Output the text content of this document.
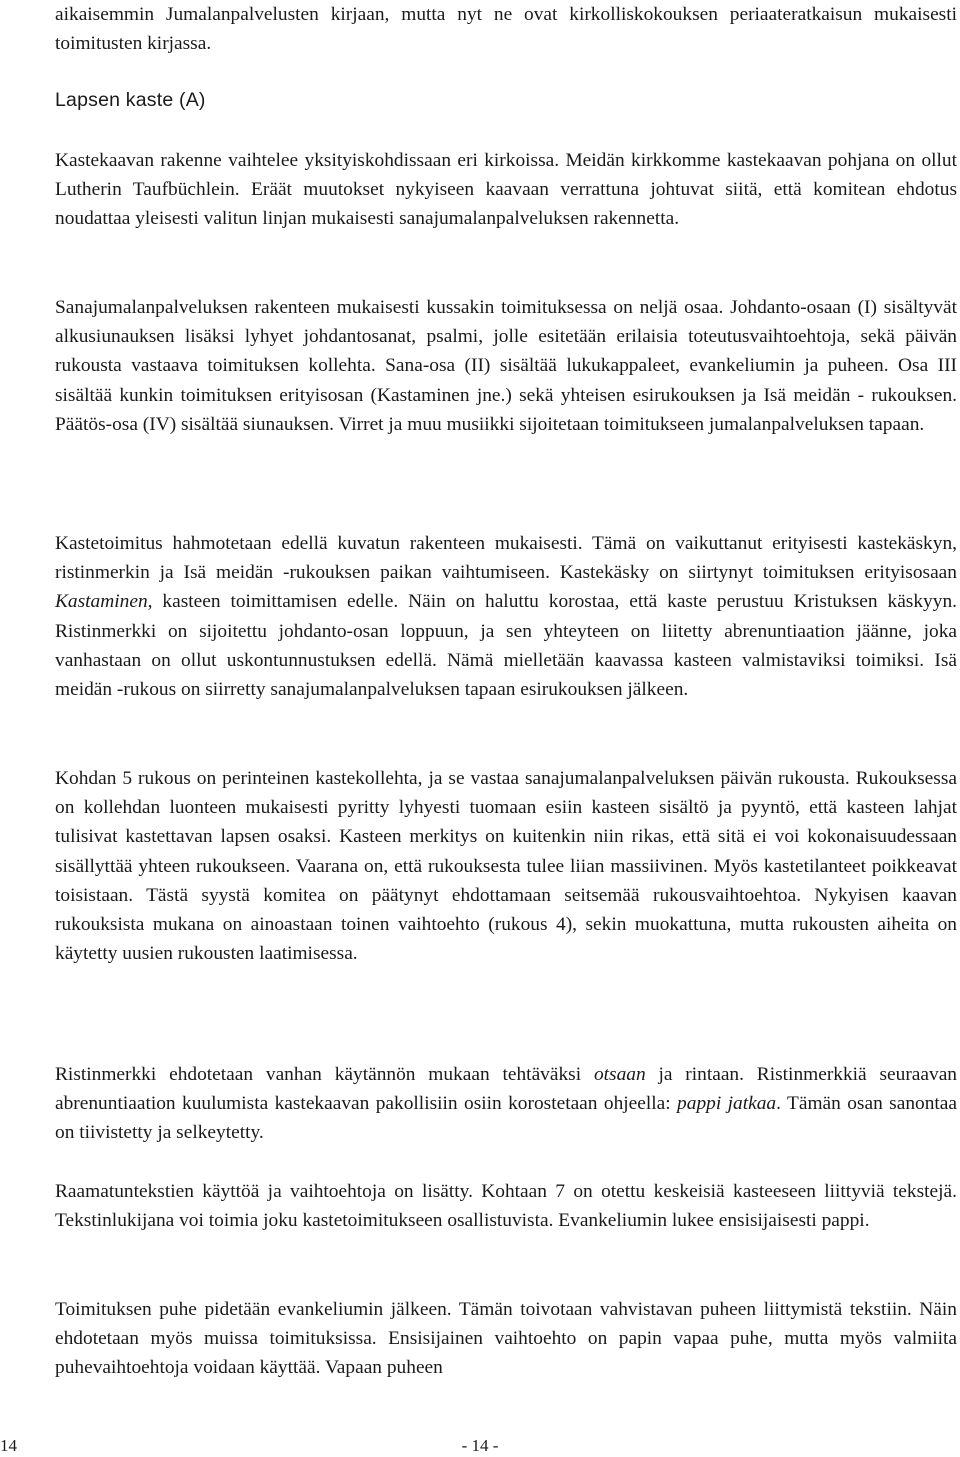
aikaisemmin Jumalanpalvelusten kirjaan, mutta nyt ne ovat kirkolliskokouksen periaateratkaisun mukaisesti toimitusten kirjassa.

Lapsen kaste (A)

Kastekaavan rakenne vaihtelee yksityiskohdissaan eri kirkoissa. Meidän kirkkomme kastekaavan pohjana on ollut Lutherin Taufbüchlein. Eräät muutokset nykyiseen kaavaan verrattuna johtuvat siitä, että komitean ehdotus noudattaa yleisesti valitun linjan mukaisesti sanajumalanpalveluksen rakennetta.

Sanajumalanpalveluksen rakenteen mukaisesti kussakin toimituksessa on neljä osaa. Johdanto-osaan (I) sisältyvät alkusiunauksen lisäksi lyhyet johdantosanat, psalmi, jolle esitetään erilaisia toteutusvaihtoehtoja, sekä päivän rukousta vastaava toimituksen kollehta. Sana-osa (II) sisältää lukukappaleet, evankeliumin ja puheen. Osa III sisältää kunkin toimituksen erityisosan (Kastaminen jne.) sekä yhteisen esirukouksen ja Isä meidän - rukouksen. Päätös-osa (IV) sisältää siunauksen. Virret ja muu musiikki sijoitetaan toimitukseen jumalanpalveluksen tapaan.

Kastetoimitus hahmotetaan edellä kuvatun rakenteen mukaisesti. Tämä on vaikuttanut erityisesti kastekäskyn, ristinmerkin ja Isä meidän -rukouksen paikan vaihtumiseen. Kastekäsky on siirtynyt toimituksen erityisosaan Kastaminen, kasteen toimittamisen edelle. Näin on haluttu korostaa, että kaste perustuu Kristuksen käskyyn. Ristinmerkki on sijoitettu johdanto-osan loppuun, ja sen yhteyteen on liitetty abrenuntiaation jäänne, joka vanhastaan on ollut uskontunnustuksen edellä. Nämä mielletään kaavassa kasteen valmistaviksi toimiksi. Isä meidän -rukous on siirretty sanajumalanpalveluksen tapaan esirukouksen jälkeen.

Kohdan 5 rukous on perinteinen kastekollehta, ja se vastaa sanajumalanpalveluksen päivän rukousta. Rukouksessa on kollehdan luonteen mukaisesti pyritty lyhyesti tuomaan esiin kasteen sisältö ja pyyntö, että kasteen lahjat tulisivat kastettavan lapsen osaksi. Kasteen merkitys on kuitenkin niin rikas, että sitä ei voi kokonaisuudessaan sisällyttää yhteen rukoukseen. Vaarana on, että rukouksesta tulee liian massiivinen. Myös kastetilanteet poikkeavat toisistaan. Tästä syystä komitea on päätynyt ehdottamaan seitsemää rukousvaihtoehtoa. Nykyisen kaavan rukouksista mukana on ainoastaan toinen vaihtoehto (rukous 4), sekin muokattuna, mutta rukousten aiheita on käytetty uusien rukousten laatimisessa.

Ristinmerkki ehdotetaan vanhan käytännön mukaan tehtäväksi otsaan ja rintaan. Ristinmerkkiä seuraavan abrenuntiaation kuulumista kastekaavan pakollisiin osiin korostetaan ohjeella: pappi jatkaa. Tämän osan sanontaa on tiivistetty ja selkeytetty.

Raamatuntekstien käyttöä ja vaihtoehtoja on lisätty. Kohtaan 7 on otettu keskeisiä kasteeseen liittyviä tekstejä. Tekstinlukijana voi toimia joku kastetoimitukseen osallistuvista. Evankeliumin lukee ensisijaisesti pappi.

Toimituksen puhe pidetään evankeliumin jälkeen. Tämän toivotaan vahvistavan puheen liittymistä tekstiin. Näin ehdotetaan myös muissa toimituksissa. Ensisijainen vaihtoehto on papin vapaa puhe, mutta myös valmiita puhevaihtoehtoja voidaan käyttää. Vapaan puheen

14	- 14 -
